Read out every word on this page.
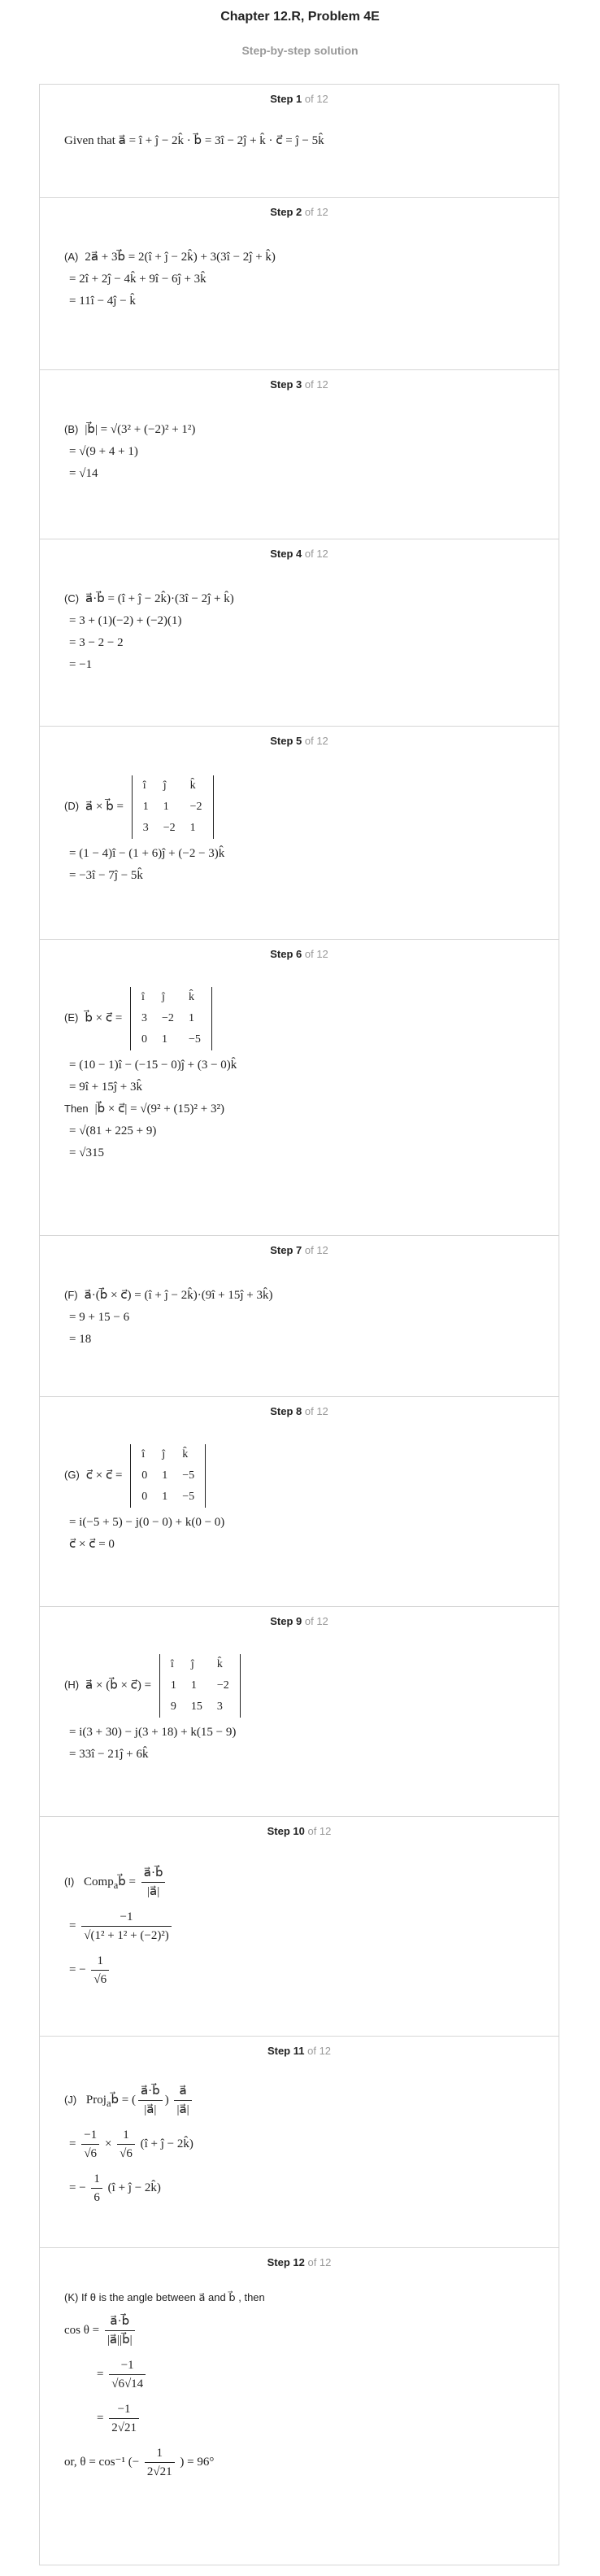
Chapter 12.R, Problem 4E
Step-by-step solution
Step 1 of 12
Given that a⃗ = î + ĵ − 2k̂ · b⃗ = 3î − 2ĵ + k̂ · c⃗ = ĵ − 5k̂
Step 2 of 12
(A) 2a⃗ + 3b⃗ = 2(î + ĵ − 2k̂) + 3(3î − 2ĵ + k̂)
= 2î + 2ĵ − 4k̂ + 9î − 6ĵ + 3k̂
= 11î − 4ĵ − k̂
Step 3 of 12
(B) |b⃗| = √(3² + (−2)² + 1²)
= √(9 + 4 + 1)
= √14
Step 4 of 12
(C) a⃗·b⃗ = (î + ĵ − 2k̂)·(3î − 2ĵ + k̂)
= 3 + (1)(−2) + (−2)(1)
= 3 − 2 − 2
= −1
Step 5 of 12
(D) a⃗ × b⃗ =
î	ĵ	k̂
1	1	−2
3	−2	1
= (1 − 4)î − (1 + 6)ĵ + (−2 − 3)k̂
= −3î − 7ĵ − 5k̂
Step 6 of 12
(E) b⃗ × c⃗ =
î	ĵ	k̂
3	−2	1
0	1	−5
= (10 − 1)î − (−15 − 0)ĵ + (3 − 0)k̂
= 9î + 15ĵ + 3k̂
Then |b⃗ × c⃗| = √(9² + (15)² + 3²)
= √(81 + 225 + 9)
= √315
Step 7 of 12
(F) a⃗·(b⃗ × c⃗) = (î + ĵ − 2k̂)·(9î + 15ĵ + 3k̂)
= 9 + 15 − 6
= 18
Step 8 of 12
(G) c⃗ × c⃗ =
î	ĵ	k̂
0	1	−5
0	1	−5
= i(−5 + 5) − j(0 − 0) + k(0 − 0)
c⃗ × c⃗ = 0
Step 9 of 12
(H) a⃗ × (b⃗ × c⃗) =
î	ĵ	k̂
1	1	−2
9	15	3
= i(3 + 30) − j(3 + 18) + k(15 − 9)
= 33î − 21ĵ + 6k̂
Step 10 of 12
(I) Comp$_a$b⃗ = $\frac{a⃗\cdot b⃗}{|a⃗|}$
= $\frac{-1}{\text{√(1² + 1² + (−2)²)}}$
= − $\frac{1}{√6}$
Step 11 of 12
(J) Proj$_a$b⃗ = ( $\frac{a⃗\cdot b⃗}{|a⃗|}$ ) $\frac{a⃗}{|a⃗|}$
= $\frac{-1}{√6} \times \frac{1}{√6}$ (î + ĵ − 2k̂)
= − $\frac{1}{6}$ (î + ĵ − 2k̂)
Step 12 of 12
(K) If θ is the angle between a⃗ and b⃗ , then
$\cos \theta = \frac{a⃗\cdot b⃗}{|a⃗||b⃗|}$
= $\frac{-1}{√6√14}$
= $\frac{-1}{2√21}$
or, θ = cos⁻¹ (− $\frac{1}{2√21}$ ) = 96°
